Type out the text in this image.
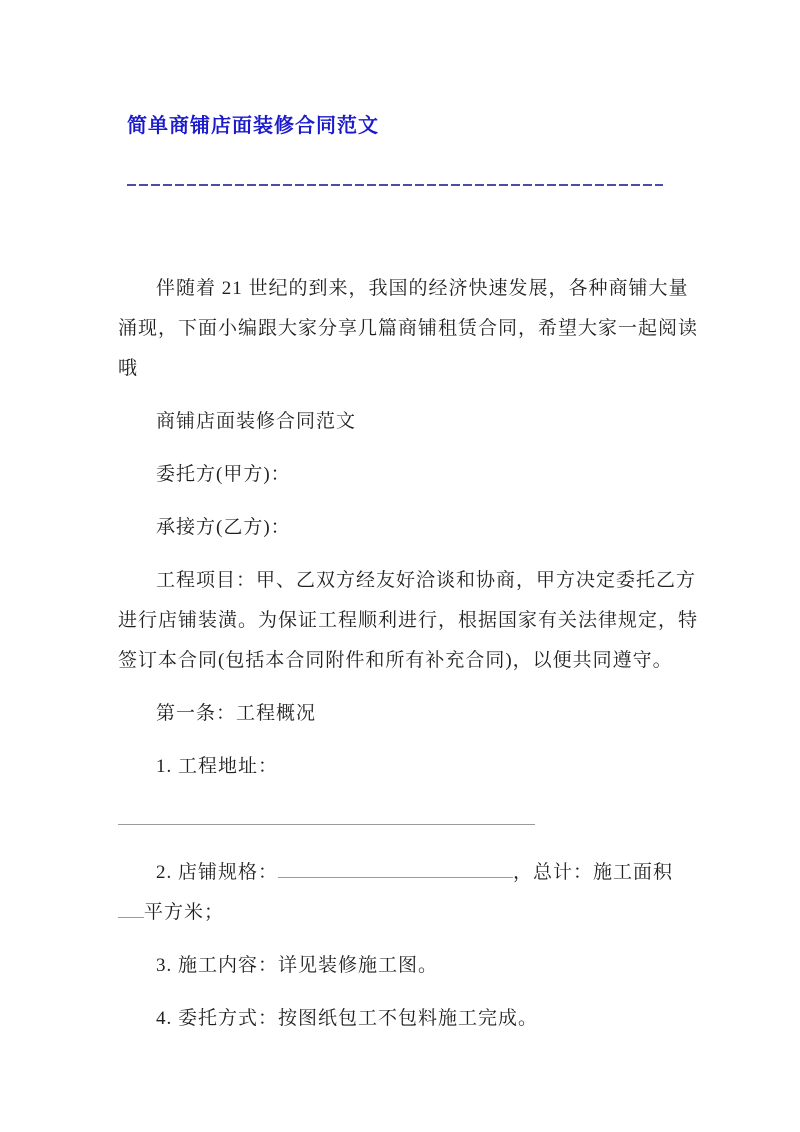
简单商铺店面装修合同范文
伴随着 21 世纪的到来，我国的经济快速发展，各种商铺大量
涌现，下面小编跟大家分享几篇商铺租赁合同，希望大家一起阅读
哦
商铺店面装修合同范文
委托方(甲方)：
承接方(乙方)：
工程项目：甲、乙双方经友好洽谈和协商，甲方决定委托乙方
进行店铺装潢。为保证工程顺利进行，根据国家有关法律规定，特
签订本合同(包括本合同附件和所有补充合同)，以便共同遵守。
第一条：工程概况
1. 工程地址：
2. 店铺规格：	，总计：施工面积
平方米；
3. 施工内容：详见装修施工图。
4. 委托方式：按图纸包工不包料施工完成。
